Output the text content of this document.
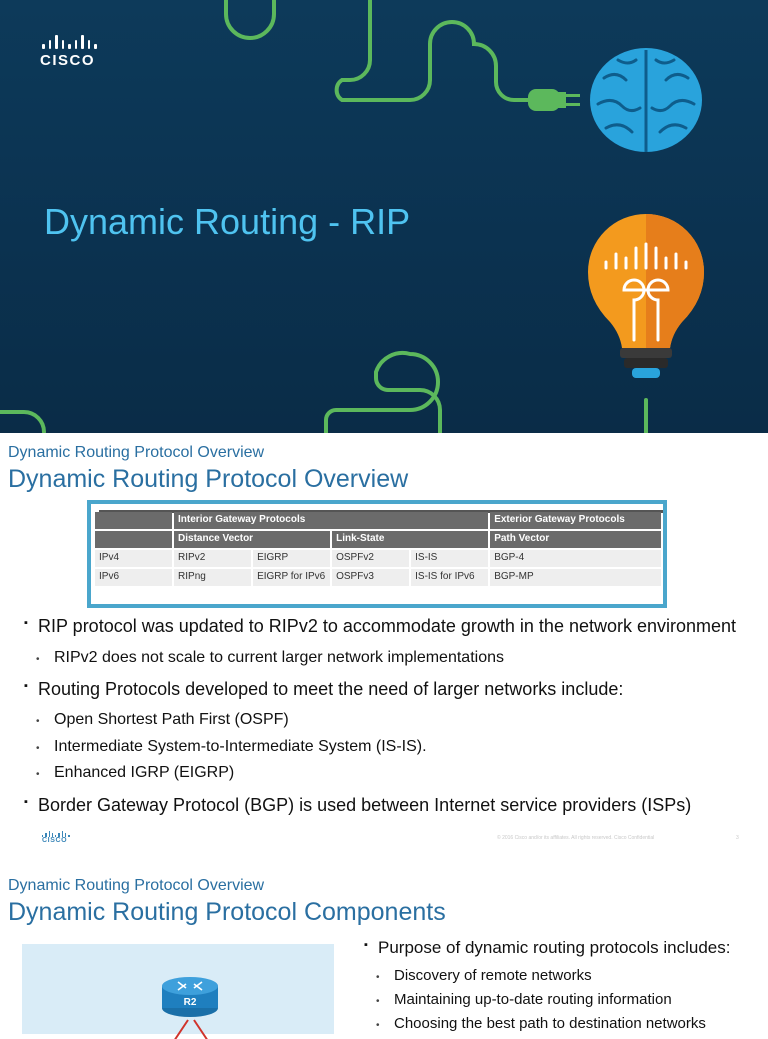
CISCO
Dynamic Routing - RIP
Dynamic Routing Protocol Overview
Dynamic Routing Protocol Overview
	Interior Gateway Protocols				Exterior Gateway Protocols
	Distance Vector		Link-State		Path Vector
IPv4	RIPv2	EIGRP	OSPFv2	IS-IS	BGP-4
IPv6	RIPng	EIGRP for IPv6	OSPFv3	IS-IS for IPv6	BGP-MP
▪ RIP protocol was updated to RIPv2 to accommodate growth in the network environment
• RIPv2 does not scale to current larger network implementations
▪ Routing Protocols developed to meet the need of larger networks include:
• Open Shortest Path First (OSPF)
• Intermediate System-to-Intermediate System (IS-IS).
• Enhanced IGRP (EIGRP)
▪ Border Gateway Protocol (BGP) is used between Internet service providers (ISPs)
CISCO	© 2016 Cisco and/or its affiliates. All rights reserved. Cisco Confidential	3
Dynamic Routing Protocol Overview
Dynamic Routing Protocol Components
R2
▪ Purpose of dynamic routing protocols includes:
• Discovery of remote networks
• Maintaining up-to-date routing information
• Choosing the best path to destination networks
